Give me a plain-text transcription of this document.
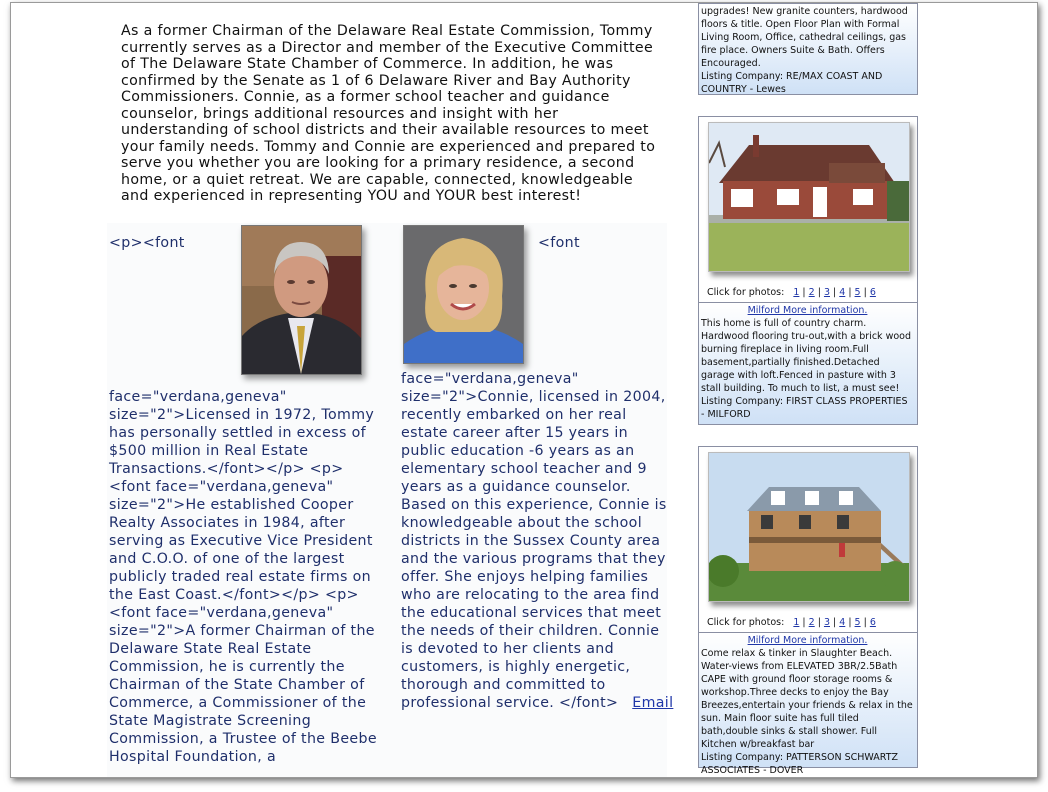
As a former Chairman of the Delaware Real Estate Commission, Tommy currently serves as a Director and member of the Executive Committee of The Delaware State Chamber of Commerce. In addition, he was confirmed by the Senate as 1 of 6 Delaware River and Bay Authority Commissioners. Connie, as a former school teacher and guidance counselor, brings additional resources and insight with her understanding of school districts and their available resources to meet your family needs. Tommy and Connie are experienced and prepared to serve you whether you are looking for a primary residence, a second home, or a quiet retreat. We are capable, connected, knowledgeable and experienced in representing YOU and YOUR best interest!

<p><font
face="verdana,geneva" size="2">Licensed in 1972, Tommy has personally settled in excess of $500 million in Real Estate Transactions.</font></p> <p><font face="verdana,geneva" size="2">He established Cooper Realty Associates in 1984, after serving as Executive Vice President and C.O.O. of one of the largest publicly traded real estate firms on the East Coast.</font></p> <p><font face="verdana,geneva" size="2">A former Chairman of the Delaware State Real Estate Commission, he is currently the Chairman of the State Chamber of Commerce, a Commissioner of the State Magistrate Screening Commission, a Trustee of the Beebe Hospital Foundation, a
<font
face="verdana,geneva" size="2">Connie, licensed in 2004, recently embarked on her real estate career after 15 years in public education -6 years as an elementary school teacher and 9 years as a guidance counselor. Based on this experience, Connie is knowledgeable about the school districts in the Sussex County area and the various programs that they offer. She enjoys helping families who are relocating to the area find the educational services that meet the needs of their children. Connie is devoted to her clients and customers, is highly energetic, thorough and committed to professional service. </font> Email
upgrades! New granite counters, hardwood floors & title. Open Floor Plan with Formal Living Room, Office, cathedral ceilings, gas fire place. Owners Suite & Bath. Offers Encouraged.
Listing Company: RE/MAX COAST AND COUNTRY - Lewes
Click for photos: 1 | 2 | 3 | 4 | 5 | 6
Milford More information.
This home is full of country charm. Hardwood flooring tru-out,with a brick wood burning fireplace in living room.Full basement,partially finished.Detached garage with loft.Fenced in pasture with 3 stall building. To much to list, a must see!
Listing Company: FIRST CLASS PROPERTIES - MILFORD
Click for photos: 1 | 2 | 3 | 4 | 5 | 6
Milford More information.
Come relax & tinker in Slaughter Beach. Water-views from ELEVATED 3BR/2.5Bath CAPE with ground floor storage rooms & workshop.Three decks to enjoy the Bay Breezes,entertain your friends & relax in the sun. Main floor suite has full tiled bath,double sinks & stall shower. Full Kitchen w/breakfast bar
Listing Company: PATTERSON SCHWARTZ ASSOCIATES - DOVER
